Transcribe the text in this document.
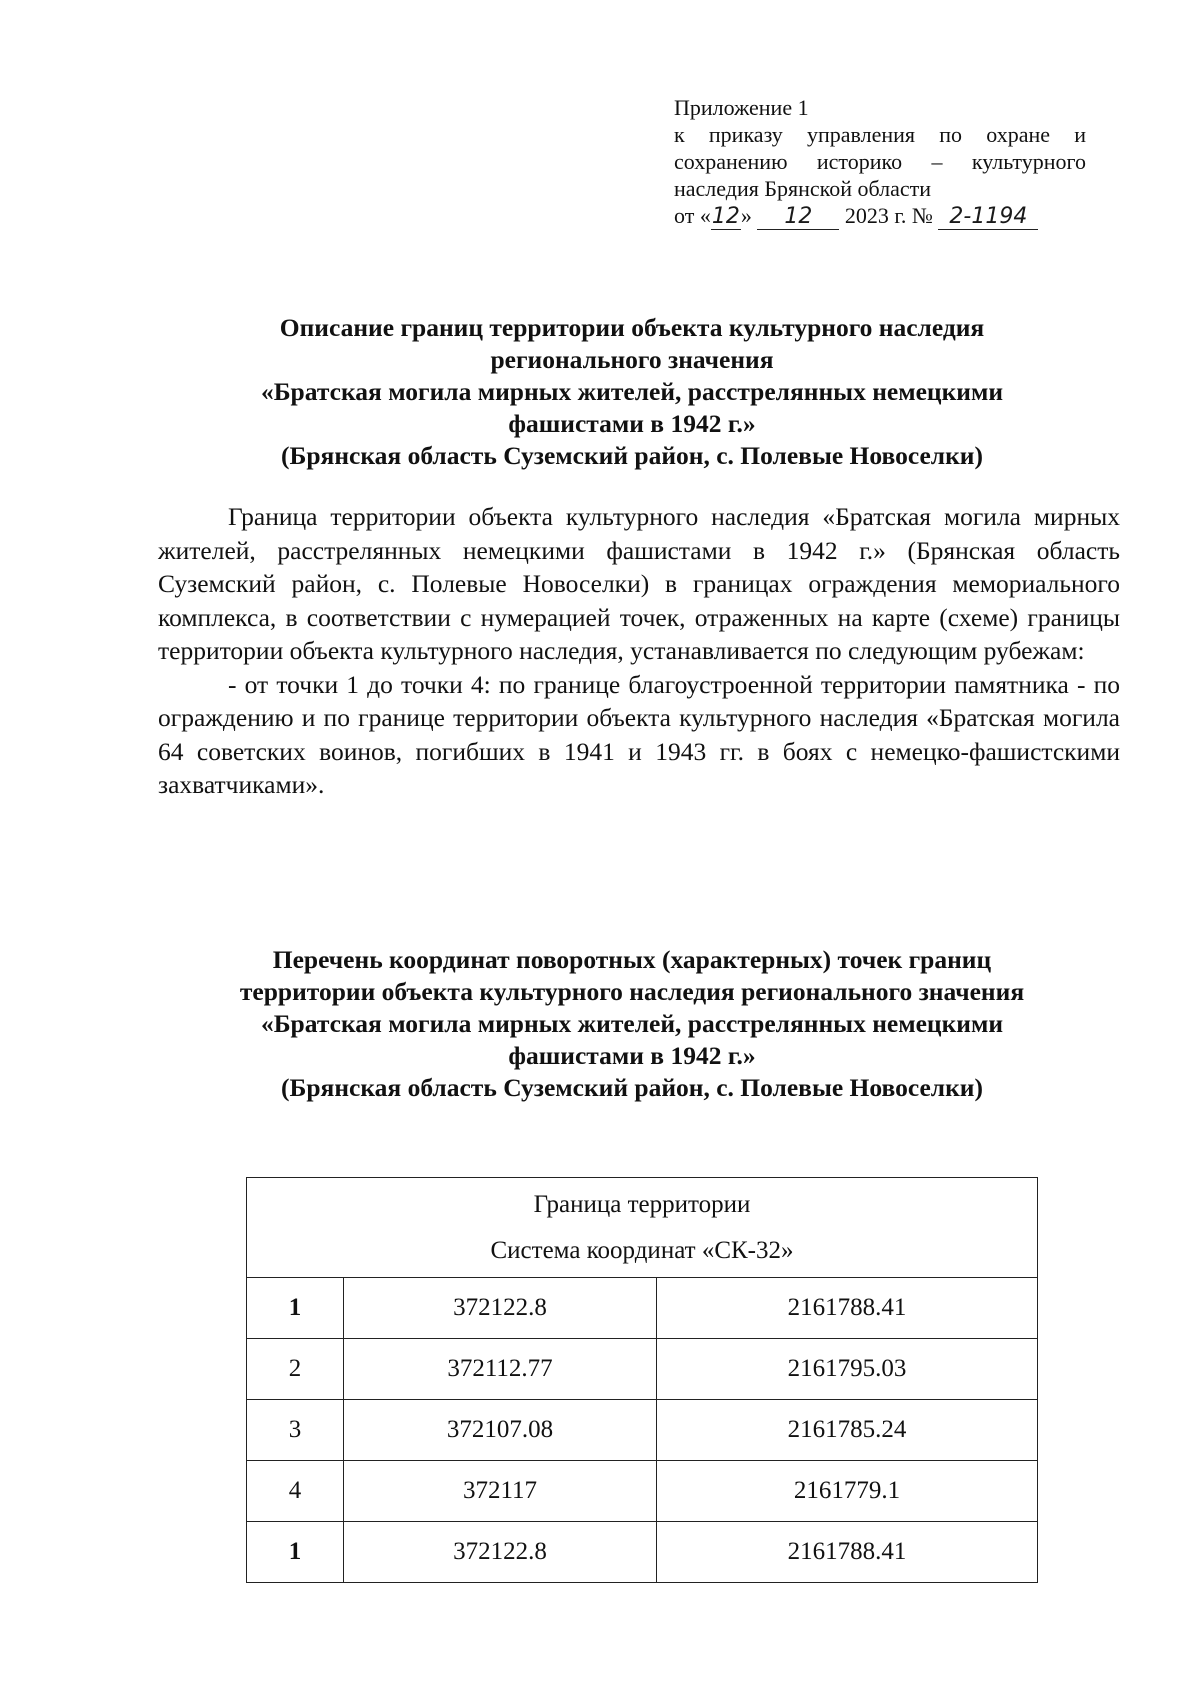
Приложение 1
к приказу управления по охране и
сохранению историко – культурного
наследия Брянской области
от «12» 12 2023 г. № 2-1194
Описание границ территории объекта культурного наследия
регионального значения
«Братская могила мирных жителей, расстрелянных немецкими
фашистами в 1942 г.»
(Брянская область Суземский район, с. Полевые Новоселки)

Граница территории объекта культурного наследия «Братская могила мирных жителей, расстрелянных немецкими фашистами в 1942 г.» (Брянская область Суземский район, с. Полевые Новоселки) в границах ограждения мемориального комплекса, в соответствии с нумерацией точек, отраженных на карте (схеме) границы территории объекта культурного наследия, устанавливается по следующим рубежам:

- от точки 1 до точки 4: по границе благоустроенной территории памятника - по ограждению и по границе территории объекта культурного наследия «Братская могила 64 советских воинов, погибших в 1941 и 1943 гг. в боях с немецко-фашистскими захватчиками».

Перечень координат поворотных (характерных) точек границ
территории объекта культурного наследия регионального значения
«Братская могила мирных жителей, расстрелянных немецкими
фашистами в 1942 г.»
(Брянская область Суземский район, с. Полевые Новоселки)
Граница территории
Система координат «СК-32»		

1	372122.8	2161788.41
2	372112.77	2161795.03
3	372107.08	2161785.24
4	372117	2161779.1
1	372122.8	2161788.41
